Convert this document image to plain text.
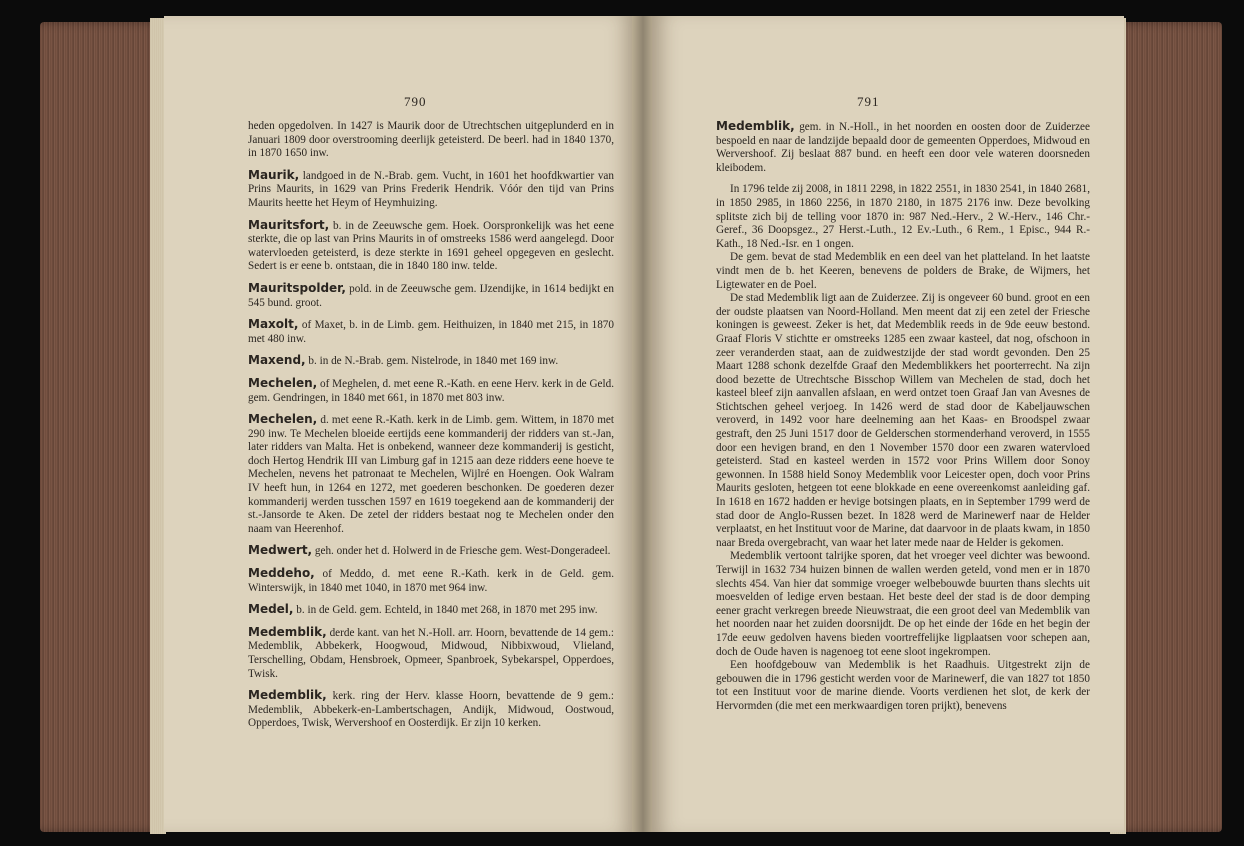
790

heden opgedolven. In 1427 is Maurik door de Utrechtschen uitgeplunderd en in Januari 1809 door overstrooming deerlijk geteisterd. De beerl. had in 1840 1370, in 1870 1650 inw.

Maurik, landgoed in de N.-Brab. gem. Vucht, in 1601 het hoofdkwartier van Prins Maurits, in 1629 van Prins Frederik Hendrik. Vóór den tijd van Prins Maurits heette het Heym of Heymhuizing.

Mauritsfort, b. in de Zeeuwsche gem. Hoek. Oorspronkelijk was het eene sterkte, die op last van Prins Maurits in of omstreeks 1586 werd aangelegd. Door watervloeden geteisterd, is deze sterkte in 1691 geheel opgegeven en geslecht. Sedert is er eene b. ontstaan, die in 1840 180 inw. telde.

Mauritspolder, pold. in de Zeeuwsche gem. IJzendijke, in 1614 bedijkt en 545 bund. groot.

Maxolt, of Maxet, b. in de Limb. gem. Heithuizen, in 1840 met 215, in 1870 met 480 inw.

Maxend, b. in de N.-Brab. gem. Nistelrode, in 1840 met 169 inw.

Mechelen, of Meghelen, d. met eene R.-Kath. en eene Herv. kerk in de Geld. gem. Gendringen, in 1840 met 661, in 1870 met 803 inw.

Mechelen, d. met eene R.-Kath. kerk in de Limb. gem. Wittem, in 1870 met 290 inw. Te Mechelen bloeide eertijds eene kommanderij der ridders van st.-Jan, later ridders van Malta. Het is onbekend, wanneer deze kommanderij is gesticht, doch Hertog Hendrik III van Limburg gaf in 1215 aan deze ridders eene hoeve te Mechelen, nevens het patronaat te Mechelen, Wijlré en Hoengen. Ook Walram IV heeft hun, in 1264 en 1272, met goederen beschonken. De goederen dezer kommanderij werden tusschen 1597 en 1619 toegekend aan de kommanderij der st.-Jansorde te Aken. De zetel der ridders bestaat nog te Mechelen onder den naam van Heerenhof.

Medwert, geh. onder het d. Holwerd in de Friesche gem. West-Dongeradeel.

Meddeho, of Meddo, d. met eene R.-Kath. kerk in de Geld. gem. Winterswijk, in 1840 met 1040, in 1870 met 964 inw.

Medel, b. in de Geld. gem. Echteld, in 1840 met 268, in 1870 met 295 inw.

Medemblik, derde kant. van het N.-Holl. arr. Hoorn, bevattende de 14 gem.: Medemblik, Abbekerk, Hoogwoud, Midwoud, Nibbixwoud, Vlieland, Terschelling, Obdam, Hensbroek, Opmeer, Spanbroek, Sybekarspel, Opperdoes, Twisk.

Medemblik, kerk. ring der Herv. klasse Hoorn, bevattende de 9 gem.: Medemblik, Abbekerk-en-Lambertschagen, Andijk, Midwoud, Oostwoud, Opperdoes, Twisk, Wervershoof en Oosterdijk. Er zijn 10 kerken.

791

Medemblik, gem. in N.-Holl., in het noorden en oosten door de Zuiderzee bespoeld en naar de landzijde bepaald door de gemeenten Opperdoes, Midwoud en Wervershoof. Zij beslaat 887 bund. en heeft een door vele wateren doorsneden kleibodem.

In 1796 telde zij 2008, in 1811 2298, in 1822 2551, in 1830 2541, in 1840 2681, in 1850 2985, in 1860 2256, in 1870 2180, in 1875 2176 inw. Deze bevolking splitste zich bij de telling voor 1870 in: 987 Ned.-Herv., 2 W.-Herv., 146 Chr.-Geref., 36 Doopsgez., 27 Herst.-Luth., 12 Ev.-Luth., 6 Rem., 1 Episc., 944 R.-Kath., 18 Ned.-Isr. en 1 ongen.

De gem. bevat de stad Medemblik en een deel van het platteland. In het laatste vindt men de b. het Keeren, benevens de polders de Brake, de Wijmers, het Ligtewater en de Poel.

De stad Medemblik ligt aan de Zuiderzee. Zij is ongeveer 60 bund. groot en een der oudste plaatsen van Noord-Holland. Men meent dat zij een zetel der Friesche koningen is geweest. Zeker is het, dat Medemblik reeds in de 9de eeuw bestond. Graaf Floris V stichtte er omstreeks 1285 een zwaar kasteel, dat nog, ofschoon in zeer veranderden staat, aan de zuidwestzijde der stad wordt gevonden. Den 25 Maart 1288 schonk dezelfde Graaf den Medemblikkers het poorterrecht. Na zijn dood bezette de Utrechtsche Bisschop Willem van Mechelen de stad, doch het kasteel bleef zijn aanvallen afslaan, en werd ontzet toen Graaf Jan van Avesnes de Stichtschen geheel verjoeg. In 1426 werd de stad door de Kabeljauwschen veroverd, in 1492 voor hare deelneming aan het Kaas- en Broodspel zwaar gestraft, den 25 Juni 1517 door de Gelderschen stormenderhand veroverd, in 1555 door een hevigen brand, en den 1 November 1570 door een zwaren watervloed geteisterd. Stad en kasteel werden in 1572 voor Prins Willem door Sonoy gewonnen. In 1588 hield Sonoy Medemblik voor Leicester open, doch voor Prins Maurits gesloten, hetgeen tot eene blokkade en eene overeenkomst aanleiding gaf. In 1618 en 1672 hadden er hevige botsingen plaats, en in September 1799 werd de stad door de Anglo-Russen bezet. In 1828 werd de Marinewerf naar de Helder verplaatst, en het Instituut voor de Marine, dat daarvoor in de plaats kwam, in 1850 naar Breda overgebracht, van waar het later mede naar de Helder is gekomen.

Medemblik vertoont talrijke sporen, dat het vroeger veel dichter was bewoond. Terwijl in 1632 734 huizen binnen de wallen werden geteld, vond men er in 1870 slechts 454. Van hier dat sommige vroeger welbebouwde buurten thans slechts uit moesvelden of ledige erven bestaan. Het beste deel der stad is de door demping eener gracht verkregen breede Nieuwstraat, die een groot deel van Medemblik van het noorden naar het zuiden doorsnijdt. De op het einde der 16de en het begin der 17de eeuw gedolven havens bieden voortreffelijke ligplaatsen voor schepen aan, doch de Oude haven is nagenoeg tot eene sloot ingekrompen.

Een hoofdgebouw van Medemblik is het Raadhuis. Uitgestrekt zijn de gebouwen die in 1796 gesticht werden voor de Marinewerf, die van 1827 tot 1850 tot een Instituut voor de marine diende. Voorts verdienen het slot, de kerk der Hervormden (die met een merkwaardigen toren prijkt), benevens
